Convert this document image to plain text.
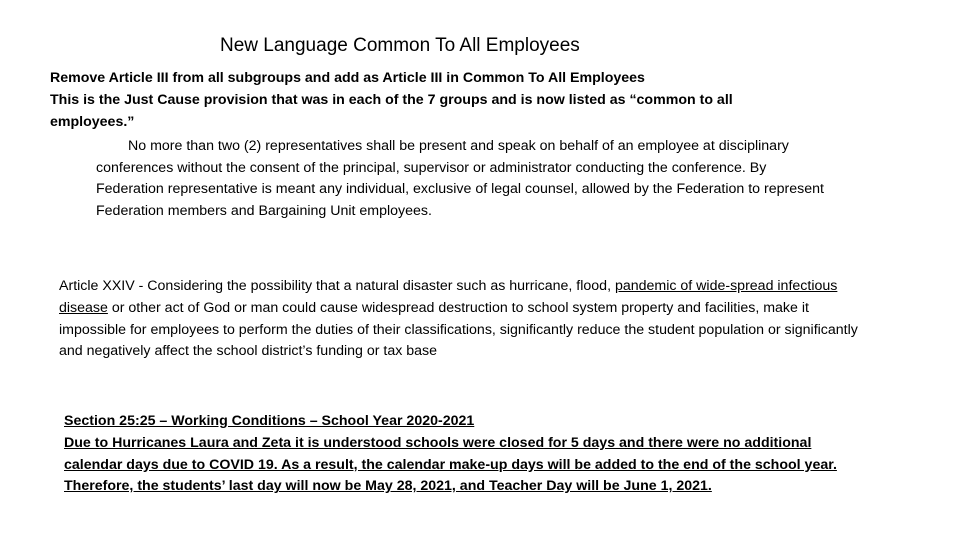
New Language Common To All Employees

Remove Article III from all subgroups and add as Article III in Common To All Employees

This is the Just Cause provision that was in each of the 7 groups and is now listed as “common to all employees.”

No more than two (2) representatives shall be present and speak on behalf of an employee at disciplinary conferences without the consent of the principal, supervisor or administrator conducting the conference. By Federation representative is meant any individual, exclusive of legal counsel, allowed by the Federation to represent Federation members and Bargaining Unit employees.
Article XXIV - Considering the possibility that a natural disaster such as hurricane, flood, pandemic of wide-spread infectious disease or other act of God or man could cause widespread destruction to school system property and facilities, make it impossible for employees to perform the duties of their classifications, significantly reduce the student population or significantly and negatively affect the school district’s funding or tax base

Section 25:25 – Working Conditions – School Year 2020-2021

Due to Hurricanes Laura and Zeta it is understood schools were closed for 5 days and there were no additional calendar days due to COVID 19. As a result, the calendar make-up days will be added to the end of the school year. Therefore, the students’ last day will now be May 28, 2021, and Teacher Day will be June 1, 2021.
